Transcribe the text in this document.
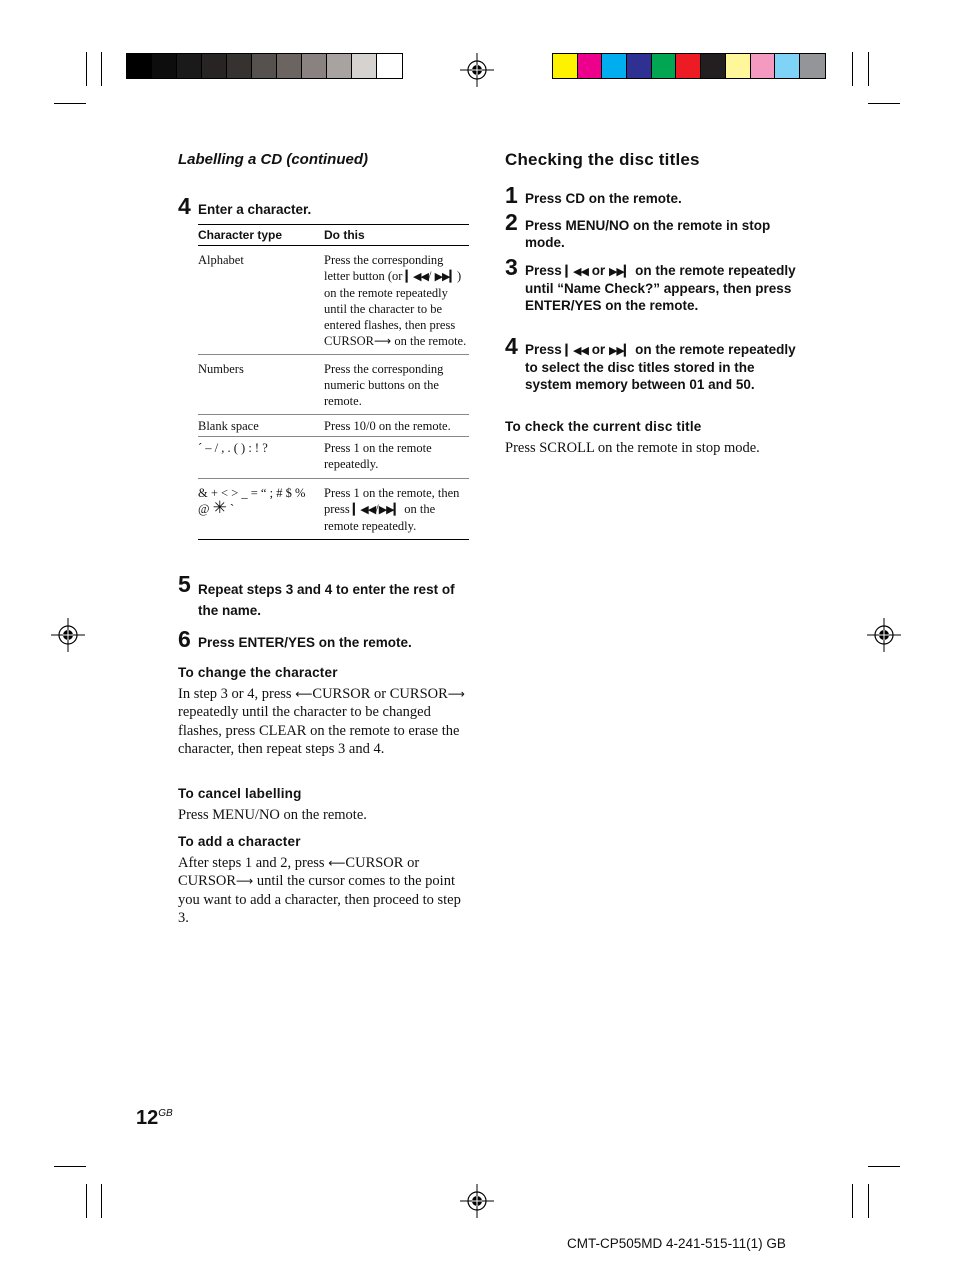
Labelling a CD (continued)
4 Enter a character.
Character type	Do this
Alphabet	Press the corresponding letter button (or ▎◀◀/ ▶▶▎) on the remote repeatedly until the character to be entered flashes, then press CURSOR⟶ on the remote.
Numbers	Press the corresponding numeric buttons on the remote.
Blank space	Press 10/0 on the remote.
´ – / , . ( ) : ! ?	Press 1 on the remote repeatedly.
& + < > _ = “ ; # $ %
@ ✳ `	Press 1 on the remote, then press ▎◀◀/▶▶▎ on the remote repeatedly.
5 Repeat steps 3 and 4 to enter the rest of the name.
6 Press ENTER/YES on the remote.
To change the character
In step 3 or 4, press ⟵CURSOR or CURSOR⟶ repeatedly until the character to be changed flashes, press CLEAR on the remote to erase the character, then repeat steps 3 and 4.
To cancel labelling
Press MENU/NO on the remote.
To add a character
After steps 1 and 2, press ⟵CURSOR or CURSOR⟶ until the cursor comes to the point you want to add a character, then proceed to step 3.
Checking the disc titles
1 Press CD on the remote.
2 Press MENU/NO on the remote in stop mode.
3 Press ▎◀◀ or ▶▶▎ on the remote repeatedly until “Name Check?” appears, then press ENTER/YES on the remote.
4 Press ▎◀◀ or ▶▶▎ on the remote repeatedly to select the disc titles stored in the system memory between 01 and 50.
To check the current disc title
Press SCROLL on the remote in stop mode.
$12^{GB}$
CMT-CP505MD 4-241-515-11(1) GB
